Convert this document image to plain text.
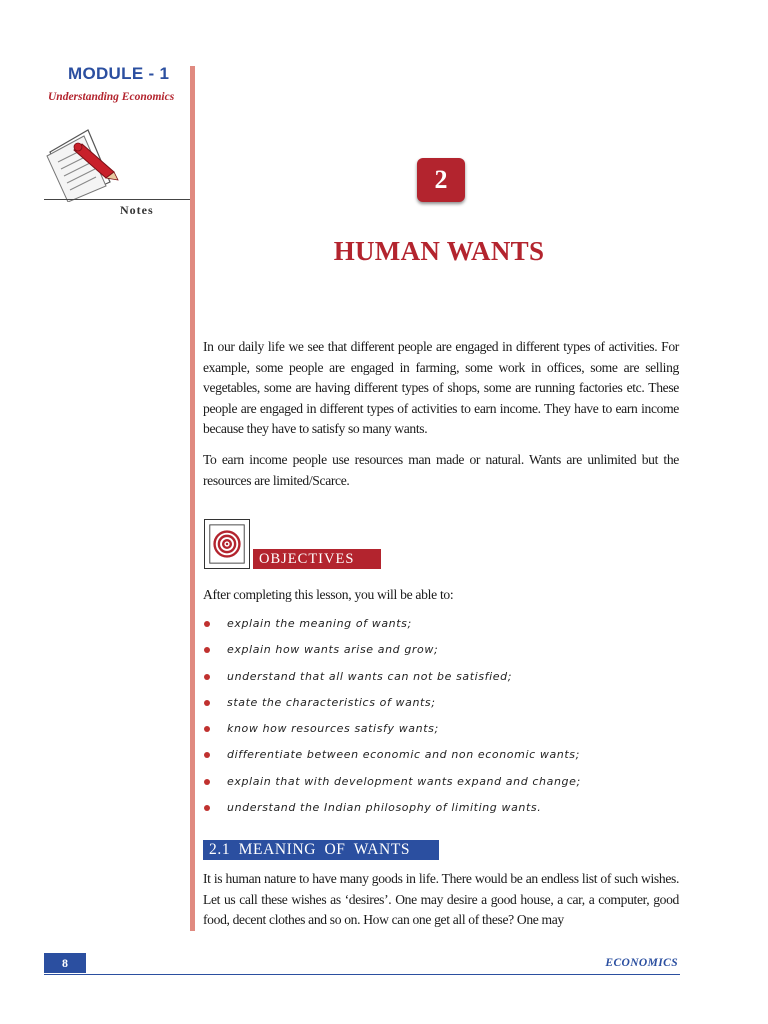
MODULE - 1
Understanding Economics
Notes
2
HUMAN WANTS

In our daily life we see that different people are engaged in different types of activities. For example, some people are engaged in farming, some work in offices, some are selling vegetables, some are having different types of shops, some are running factories etc. These people are engaged in different types of activities to earn income. They have to earn income because they have to satisfy so many wants.

To earn income people use resources man made or natural. Wants are unlimited but the resources are limited/Scarce.

OBJECTIVES
After completing this lesson, you will be able to:
explain the meaning of wants;
explain how wants arise and grow;
understand that all wants can not be satisfied;
state the characteristics of wants;
know how resources satisfy wants;
differentiate between economic and non economic wants;
explain that with development wants expand and change;
understand the Indian philosophy of limiting wants.
2.1 MEANING OF WANTS

It is human nature to have many goods in life. There would be an endless list of such wishes. Let us call these wishes as ‘desires’. One may desire a good house, a car, a computer, good food, decent clothes and so on. How can one get all of these? One may

8	ECONOMICS
